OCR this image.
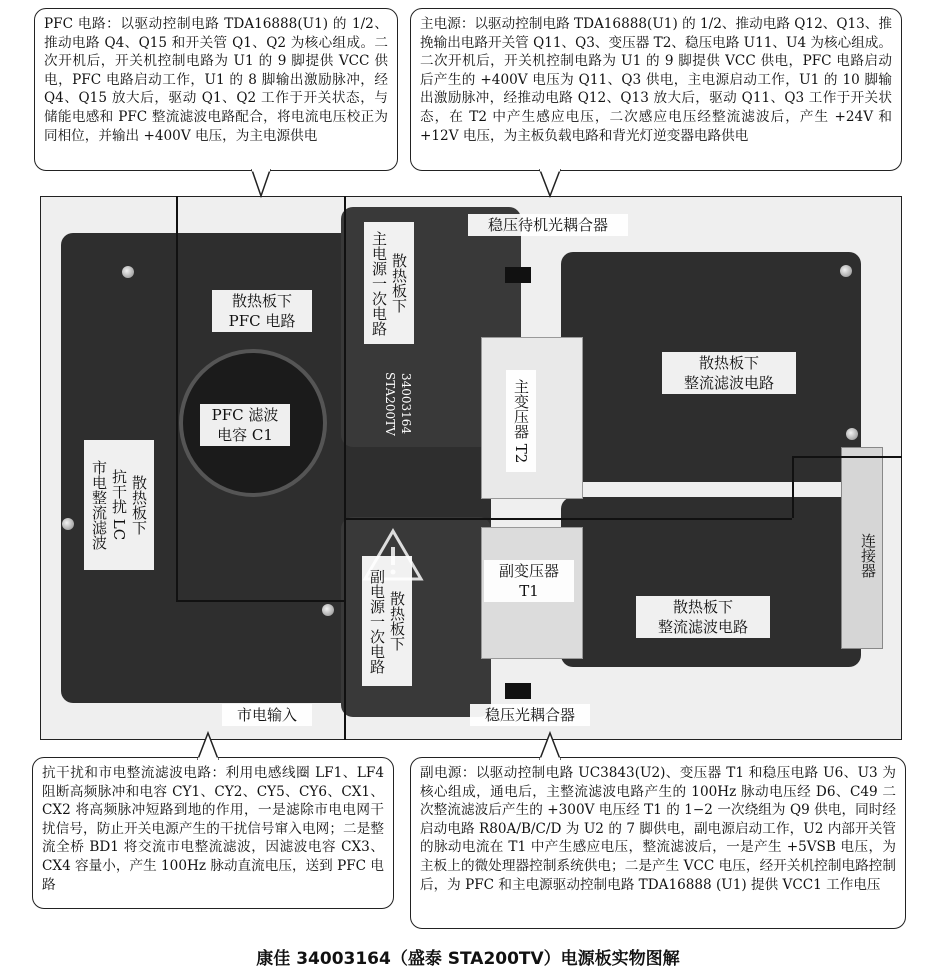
PFC 电路：以驱动控制电路 TDA16888(U1) 的 1/2、推动电路 Q4、Q15 和开关管 Q1、Q2 为核心组成。二次开机后，开关机控制电路为 U1 的 9 脚提供 VCC 供电，PFC 电路启动工作，U1 的 8 脚输出激励脉冲，经 Q4、Q15 放大后，驱动 Q1、Q2 工作于开关状态，与储能电感和 PFC 整流滤波电路配合，将电流电压校正为同相位，并输出 +400V 电压，为主电源供电
主电源：以驱动控制电路 TDA16888(U1) 的 1/2、推动电路 Q12、Q13、推挽输出电路开关管 Q11、Q3、变压器 T2、稳压电路 U11、U4 为核心组成。二次开机后，开关机控制电路为 U1 的 9 脚提供 VCC 供电，PFC 电路启动后产生的 +400V 电压为 Q11、Q3 供电，主电源启动工作，U1 的 10 脚输出激励脉冲，经推动电路 Q12、Q13 放大后，驱动 Q11、Q3 工作于开关状态，在 T2 中产生感应电压，二次感应电压经整流滤波后，产生 +24V 和 +12V 电压，为主板负载电路和背光灯逆变器电路供电
抗干扰和市电整流滤波电路：利用电感线圈 LF1、LF4 阻断高频脉冲和电容 CY1、CY2、CY5、CY6、CX1、CX2 将高频脉冲短路到地的作用，一是滤除市电电网干扰信号，防止开关电源产生的干扰信号窜入电网；二是整流全桥 BD1 将交流市电整流滤波，因滤波电容 CX3、CX4 容量小，产生 100Hz 脉动直流电压，送到 PFC 电路
副电源：以驱动控制电路 UC3843(U2)、变压器 T1 和稳压电路 U6、U3 为核心组成，通电后，主整流滤波电路产生的 100Hz 脉动电压经 D6、C49 二次整流滤波后产生的 +300V 电压经 T1 的 1−2 一次绕组为 Q9 供电，同时经启动电路 R80A/B/C/D 为 U2 的 7 脚供电，副电源启动工作，U2 内部开关管的脉动电流在 T1 中产生感应电压，整流滤波后，一是产生 +5VSB 电压，为主板上的微处理器控制系统供电；二是产生 VCC 电压，经开关机控制电路控制后，为 PFC 和主电源驱动控制电路 TDA16888 (U1) 提供 VCC1 工作电压
散热板下
PFC 电路
PFC 滤波
电容 C1
散热板下
主电源一次电路
稳压待机光耦合器
主变压器 T2
散热板下
整流滤波电路
散热板下
抗干扰 LC
市电整流滤波
连接器
副变压器
T1
散热板下
副电源一次电路	散热板下
整流滤波电路
市电输入	稳压光耦合器
34003164
STA200TV
康佳 34003164（盛泰 STA200TV）电源板实物图解
